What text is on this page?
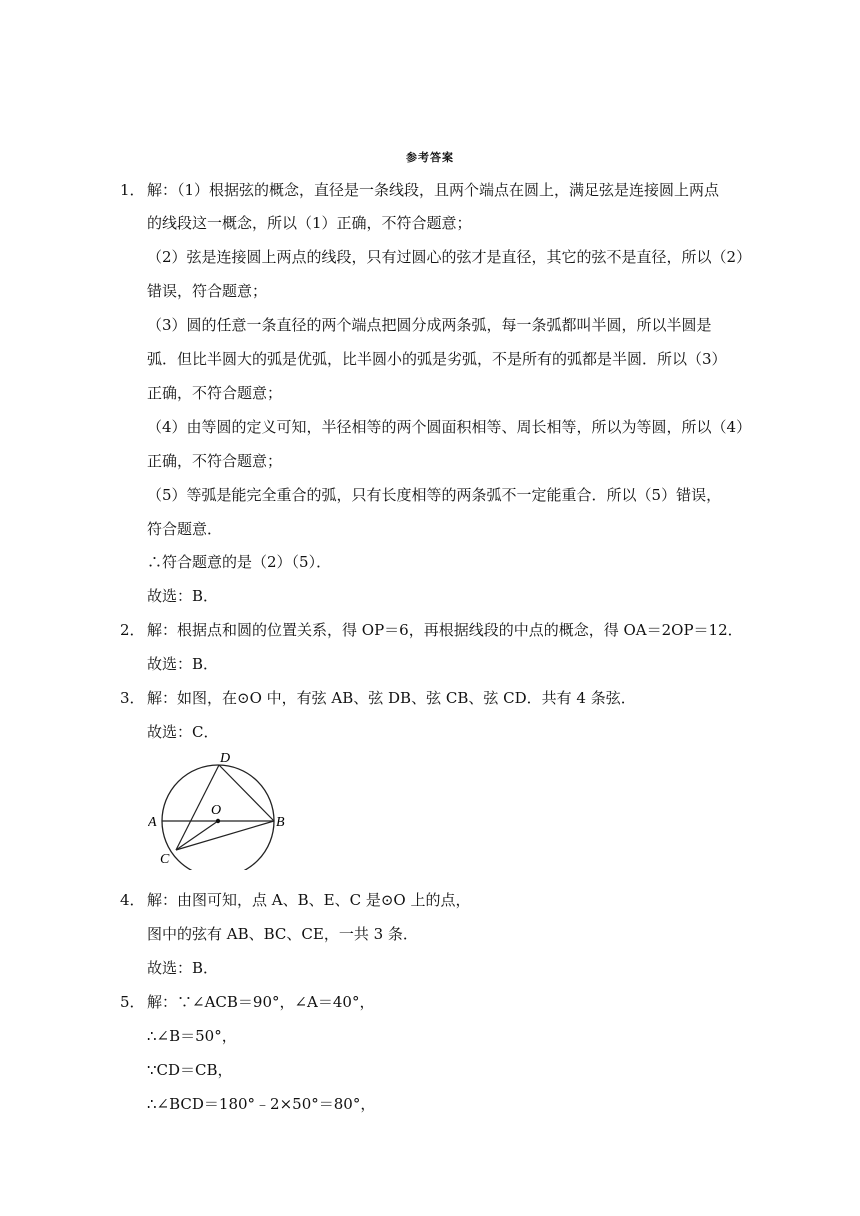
参考答案
1． 解：（1）根据弦的概念，直径是一条线段，且两个端点在圆上，满足弦是连接圆上两点
的线段这一概念，所以（1）正确，不符合题意；
（2）弦是连接圆上两点的线段，只有过圆心的弦才是直径，其它的弦不是直径，所以（2）
错误，符合题意；
（3）圆的任意一条直径的两个端点把圆分成两条弧，每一条弧都叫半圆，所以半圆是
弧．但比半圆大的弧是优弧，比半圆小的弧是劣弧，不是所有的弧都是半圆．所以（3）
正确，不符合题意；
（4）由等圆的定义可知，半径相等的两个圆面积相等、周长相等，所以为等圆，所以（4）
正确，不符合题意；
（5）等弧是能完全重合的弧，只有长度相等的两条弧不一定能重合．所以（5）错误，
符合题意．
∴符合题意的是（2）（5）．
故选：B．
2． 解：根据点和圆的位置关系，得 OP＝6，再根据线段的中点的概念，得 OA＝2OP＝12．
故选：B．
3． 解：如图，在⊙O 中，有弦 AB、弦 DB、弦 CB、弦 CD．共有 4 条弦．
故选：C．
D
O
A	B
C
4． 解：由图可知，点 A、B、E、C 是⊙O 上的点，
图中的弦有 AB、BC、CE，一共 3 条．
故选：B．
5． 解：∵∠ACB＝90°，∠A＝40°，
∴∠B＝50°，
∵CD＝CB，
∴∠BCD＝180°﹣2×50°＝80°，
